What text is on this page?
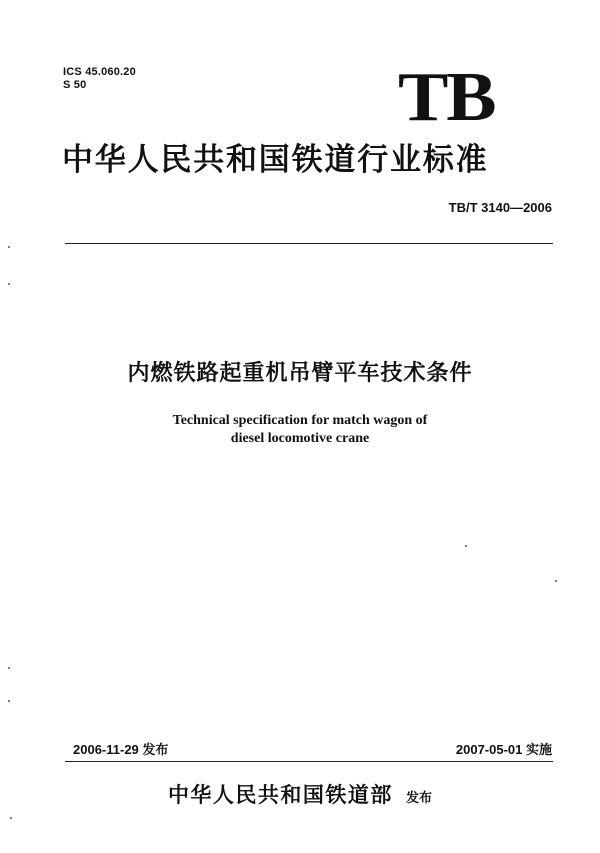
ICS 45.060.20
S 50	TB
中华人民共和国铁道行业标准
TB/T 3140—2006
内燃铁路起重机吊臂平车技术条件
Technical specification for match wagon of
diesel locomotive crane
2006-11-29 发布	2007-05-01 实施
中华人民共和国铁道部 发布
